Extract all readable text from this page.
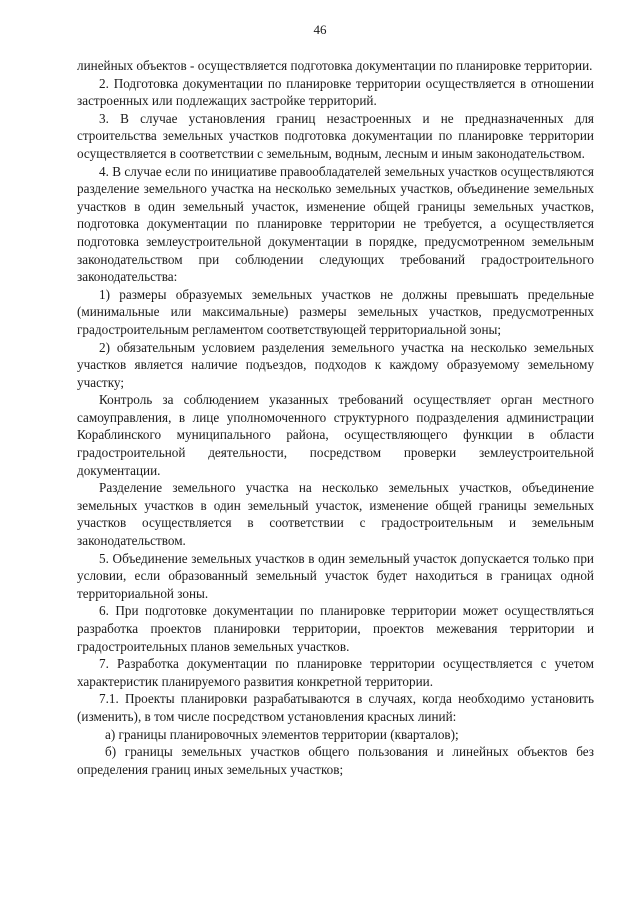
46

линейных объектов - осуществляется подготовка документации по планировке территории.

2. Подготовка документации по планировке территории осуществляется в отношении застроенных или подлежащих застройке территорий.

3. В случае установления границ незастроенных и не предназначенных для строительства земельных участков подготовка документации по планировке территории осуществляется в соответствии с земельным, водным, лесным и иным законодательством.

4. В случае если по инициативе правообладателей земельных участков осуществляются разделение земельного участка на несколько земельных участков, объединение земельных участков в один земельный участок, изменение общей границы земельных участков, подготовка документации по планировке территории не требуется, а осуществляется подготовка землеустроительной документации в порядке, предусмотренном земельным законодательством при соблюдении следующих требований градостроительного законодательства:

1) размеры образуемых земельных участков не должны превышать предельные (минимальные или максимальные) размеры земельных участков, предусмотренных градостроительным регламентом соответствующей территориальной зоны;

2) обязательным условием разделения земельного участка на несколько земельных участков является наличие подъездов, подходов к каждому образуемому земельному участку;

Контроль за соблюдением указанных требований осуществляет орган местного самоуправления, в лице уполномоченного структурного подразделения администрации Кораблинского муниципального района, осуществляющего функции в области градостроительной деятельности, посредством проверки землеустроительной документации.

Разделение земельного участка на несколько земельных участков, объединение земельных участков в один земельный участок, изменение общей границы земельных участков осуществляется в соответствии с градостроительным и земельным законодательством.

5. Объединение земельных участков в один земельный участок допускается только при условии, если образованный земельный участок будет находиться в границах одной территориальной зоны.

6. При подготовке документации по планировке территории может осуществляться разработка проектов планировки территории, проектов межевания территории и градостроительных планов земельных участков.

7. Разработка документации по планировке территории осуществляется с учетом характеристик планируемого развития конкретной территории.

7.1. Проекты планировки разрабатываются в случаях, когда необходимо установить (изменить), в том числе посредством установления красных линий:

а) границы планировочных элементов территории (кварталов);

б) границы земельных участков общего пользования и линейных объектов без определения границ иных земельных участков;
